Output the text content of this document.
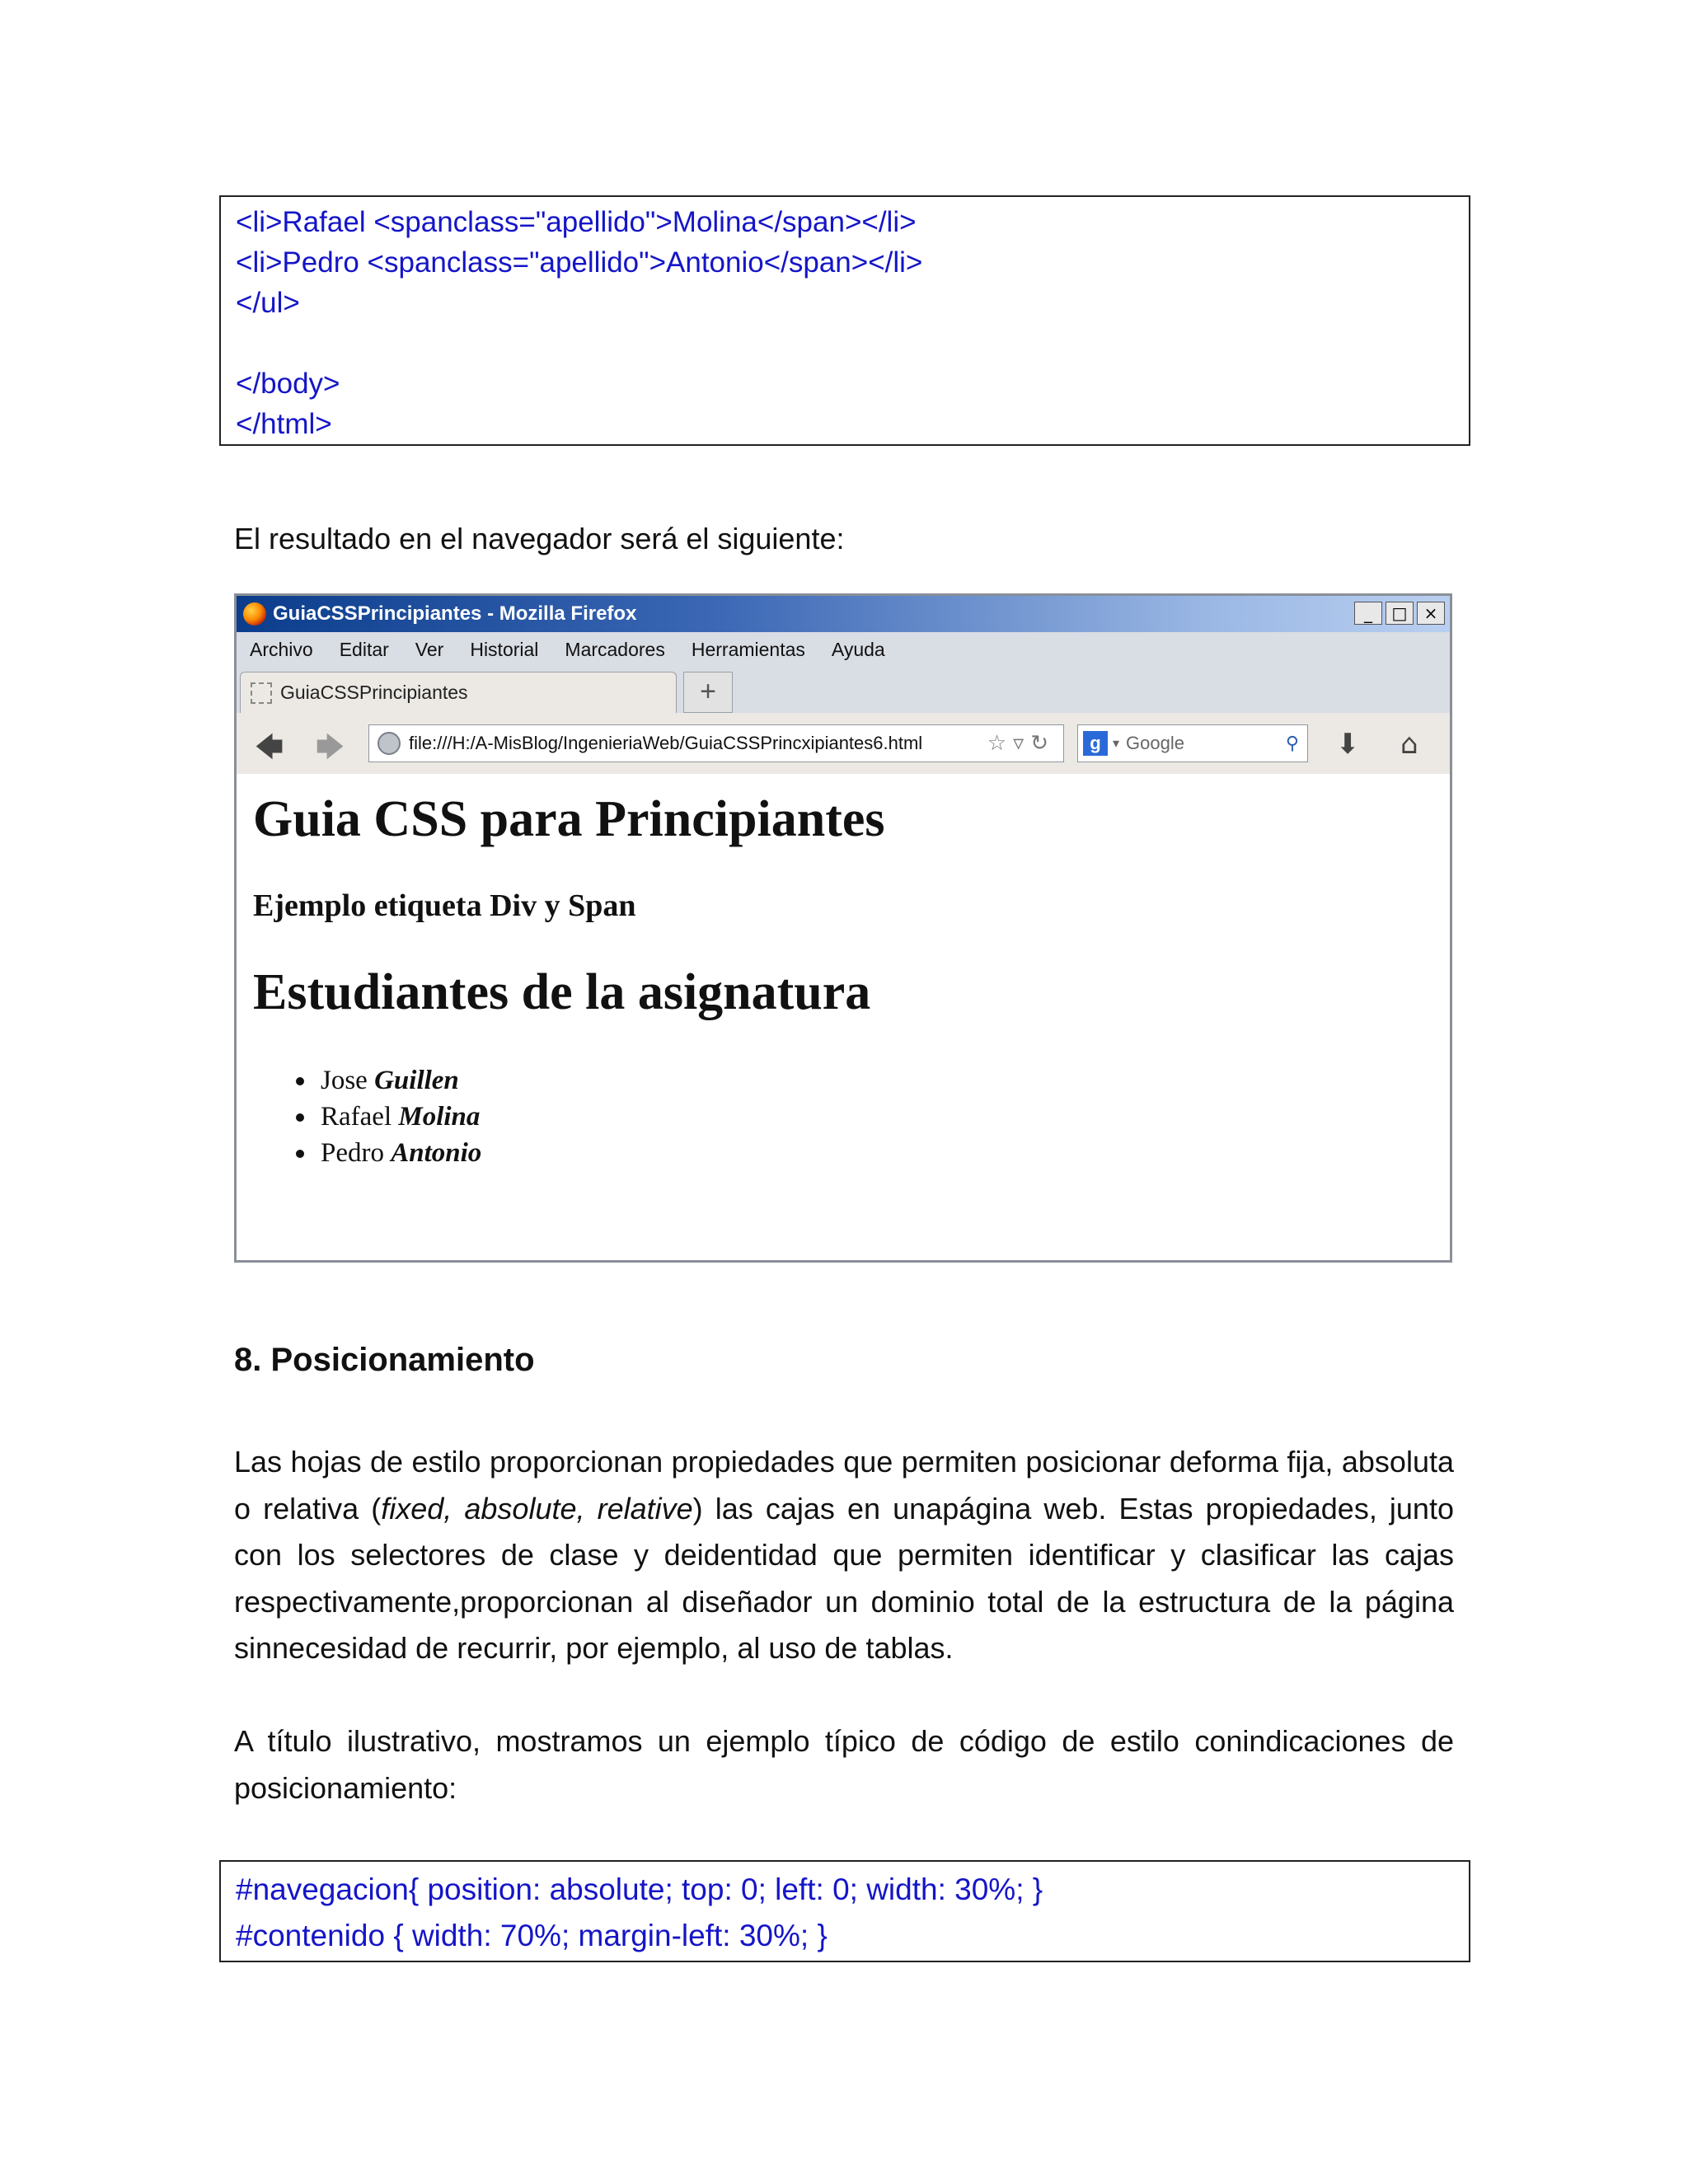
<li>Rafael <spanclass="apellido">Molina</span></li>
<li>Pedro <spanclass="apellido">Antonio</span></li>
</ul>
</body>
</html>
El resultado en el navegador será el siguiente:
GuiaCSSPrincipiantes - Mozilla Firefox	_	□	×
Archivo Editar Ver Historial Marcadores Herramientas Ayuda
GuiaCSSPrincipiantes	+
🡄 🡆	file:///H:/A-MisBlog/IngenieriaWeb/GuiaCSSPrincxipiantes6.html	☆▿↻	g ▾ Google	⚲ ⬇ ⌂
Guia CSS para Principiantes
Ejemplo etiqueta Div y Span
Estudiantes de la asignatura
Jose Guillen
Rafael Molina
Pedro Antonio
8. Posicionamiento
Las hojas de estilo proporcionan propiedades que permiten posicionar deforma fija, absoluta o relativa (fixed, absolute, relative) las cajas en unapágina web. Estas propiedades, junto con los selectores de clase y deidentidad que permiten identificar y clasificar las cajas respectivamente,proporcionan al diseñador un dominio total de la estructura de la página sinnecesidad de recurrir, por ejemplo, al uso de tablas.
A título ilustrativo, mostramos un ejemplo típico de código de estilo conindicaciones de posicionamiento:
#navegacion{ position: absolute; top: 0; left: 0; width: 30%; }
#contenido { width: 70%; margin-left: 30%; }
